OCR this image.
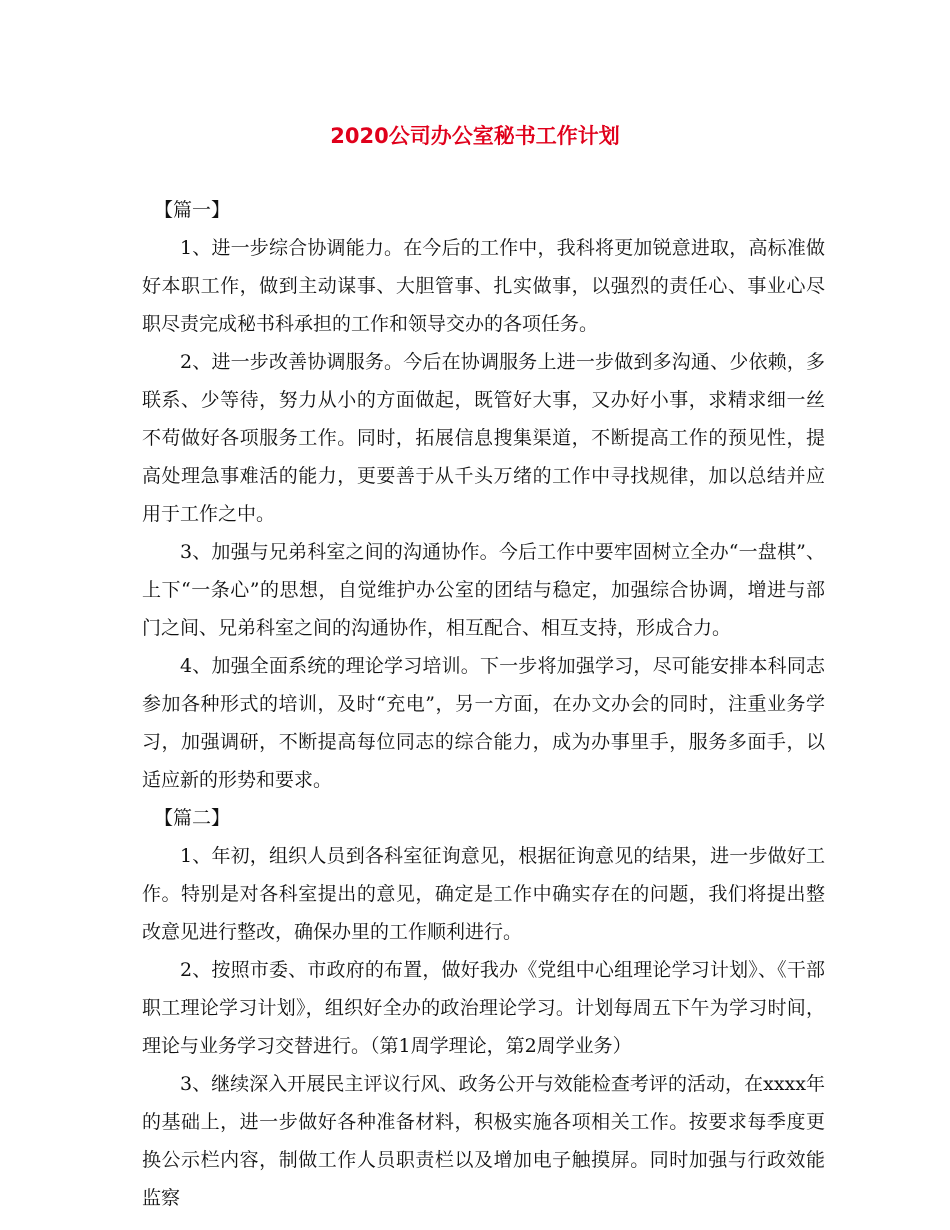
2020公司办公室秘书工作计划

【篇一】

1、进一步综合协调能力。在今后的工作中，我科将更加锐意进取，高标准做好本职工作，做到主动谋事、大胆管事、扎实做事，以强烈的责任心、事业心尽职尽责完成秘书科承担的工作和领导交办的各项任务。

2、进一步改善协调服务。今后在协调服务上进一步做到多沟通、少依赖，多联系、少等待，努力从小的方面做起，既管好大事，又办好小事，求精求细一丝不苟做好各项服务工作。同时，拓展信息搜集渠道，不断提高工作的预见性，提高处理急事难活的能力，更要善于从千头万绪的工作中寻找规律，加以总结并应用于工作之中。

3、加强与兄弟科室之间的沟通协作。今后工作中要牢固树立全办“一盘棋”、上下“一条心”的思想，自觉维护办公室的团结与稳定，加强综合协调，增进与部门之间、兄弟科室之间的沟通协作，相互配合、相互支持，形成合力。

4、加强全面系统的理论学习培训。下一步将加强学习，尽可能安排本科同志参加各种形式的培训，及时“充电”，另一方面，在办文办会的同时，注重业务学习，加强调研，不断提高每位同志的综合能力，成为办事里手，服务多面手，以适应新的形势和要求。

【篇二】

1、年初，组织人员到各科室征询意见，根据征询意见的结果，进一步做好工作。特别是对各科室提出的意见，确定是工作中确实存在的问题，我们将提出整改意见进行整改，确保办里的工作顺利进行。

2、按照市委、市政府的布置，做好我办《党组中心组理论学习计划》、《干部职工理论学习计划》，组织好全办的政治理论学习。计划每周五下午为学习时间，理论与业务学习交替进行。（第1周学理论，第2周学业务）

3、继续深入开展民主评议行风、政务公开与效能检查考评的活动，在xxxx年的基础上，进一步做好各种准备材料，积极实施各项相关工作。按要求每季度更换公示栏内容，制做工作人员职责栏以及增加电子触摸屏。同时加强与行政效能监察
